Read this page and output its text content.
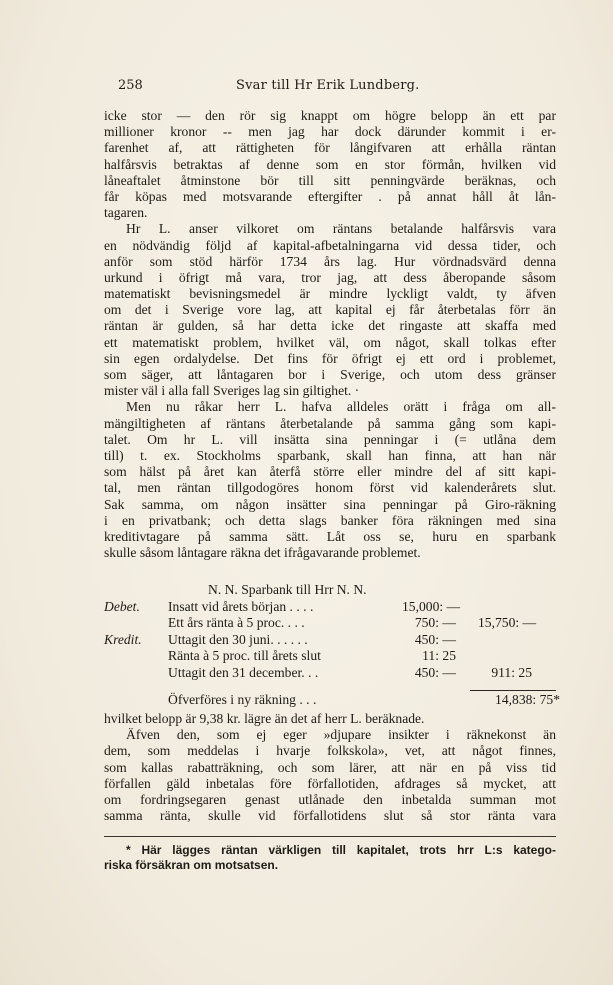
258	Svar till Hr Erik Lundberg.
icke stor — den rör sig knappt om högre belopp än ett par
millioner kronor -- men jag har dock därunder kommit i er-
farenhet af, att rättigheten för långifvaren att erhålla räntan
halfårsvis betraktas af denne som en stor förmån, hvilken vid
låneaftalet åtminstone bör till sitt penningvärde beräknas, och
får köpas med motsvarande eftergifter . på annat håll åt lån-
tagaren.
Hr L. anser vilkoret om räntans betalande halfårsvis vara
en nödvändig följd af kapital-afbetalningarna vid dessa tider, och
anför som stöd härför 1734 års lag. Hur vördnadsvärd denna
urkund i öfrigt må vara, tror jag, att dess åberopande såsom
matematiskt bevisningsmedel är mindre lyckligt valdt, ty äfven
om det i Sverige vore lag, att kapital ej får återbetalas förr än
räntan är gulden, så har detta icke det ringaste att skaffa med
ett matematiskt problem, hvilket väl, om något, skall tolkas efter
sin egen ordalydelse. Det fins för öfrigt ej ett ord i problemet,
som säger, att låntagaren bor i Sverige, och utom dess gränser
mister väl i alla fall Sveriges lag sin giltighet. ·
Men nu råkar herr L. hafva alldeles orätt i fråga om all-
mängiltigheten af räntans återbetalande på samma gång som kapi-
talet. Om hr L. vill insätta sina penningar i (= utlåna dem
till) t. ex. Stockholms sparbank, skall han finna, att han när
som hälst på året kan återfå större eller mindre del af sitt kapi-
tal, men räntan tillgodogöres honom först vid kalenderårets slut.
Sak samma, om någon insätter sina penningar på Giro-räkning
i en privatbank; och detta slags banker föra räkningen med sina
kreditivtagare på samma sätt. Låt oss se, huru en sparbank
skulle såsom låntagare räkna det ifrågavarande problemet.
N. N. Sparbank till Hrr N. N.
Debet. Insatt vid årets början . . . .	15,000: —
Ett års ränta à 5 proc. . . .	750: — 15,750: —
Kredit. Uttagit den 30 juni. . . . . .	450: —
Ränta à 5 proc. till årets slut	11: 25
Uttagit den 31 december. . .	450: —	911: 25
Öfverföres i ny räkning . . .	14,838: 75*
hvilket belopp är 9,38 kr. lägre än det af herr L. beräknade.
Äfven den, som ej eger »djupare insikter i räknekonst än
dem, som meddelas i hvarje folkskola», vet, att något finnes,
som kallas rabatträkning, och som lärer, att när en på viss tid
förfallen gäld inbetalas före förfallotiden, afdrages så mycket, att
om fordringsegaren genast utlånade den inbetalda summan mot
samma ränta, skulle vid förfallotidens slut så stor ränta vara
* Här lägges räntan värkligen till kapitalet, trots hrr L:s katego-
riska försäkran om motsatsen.
